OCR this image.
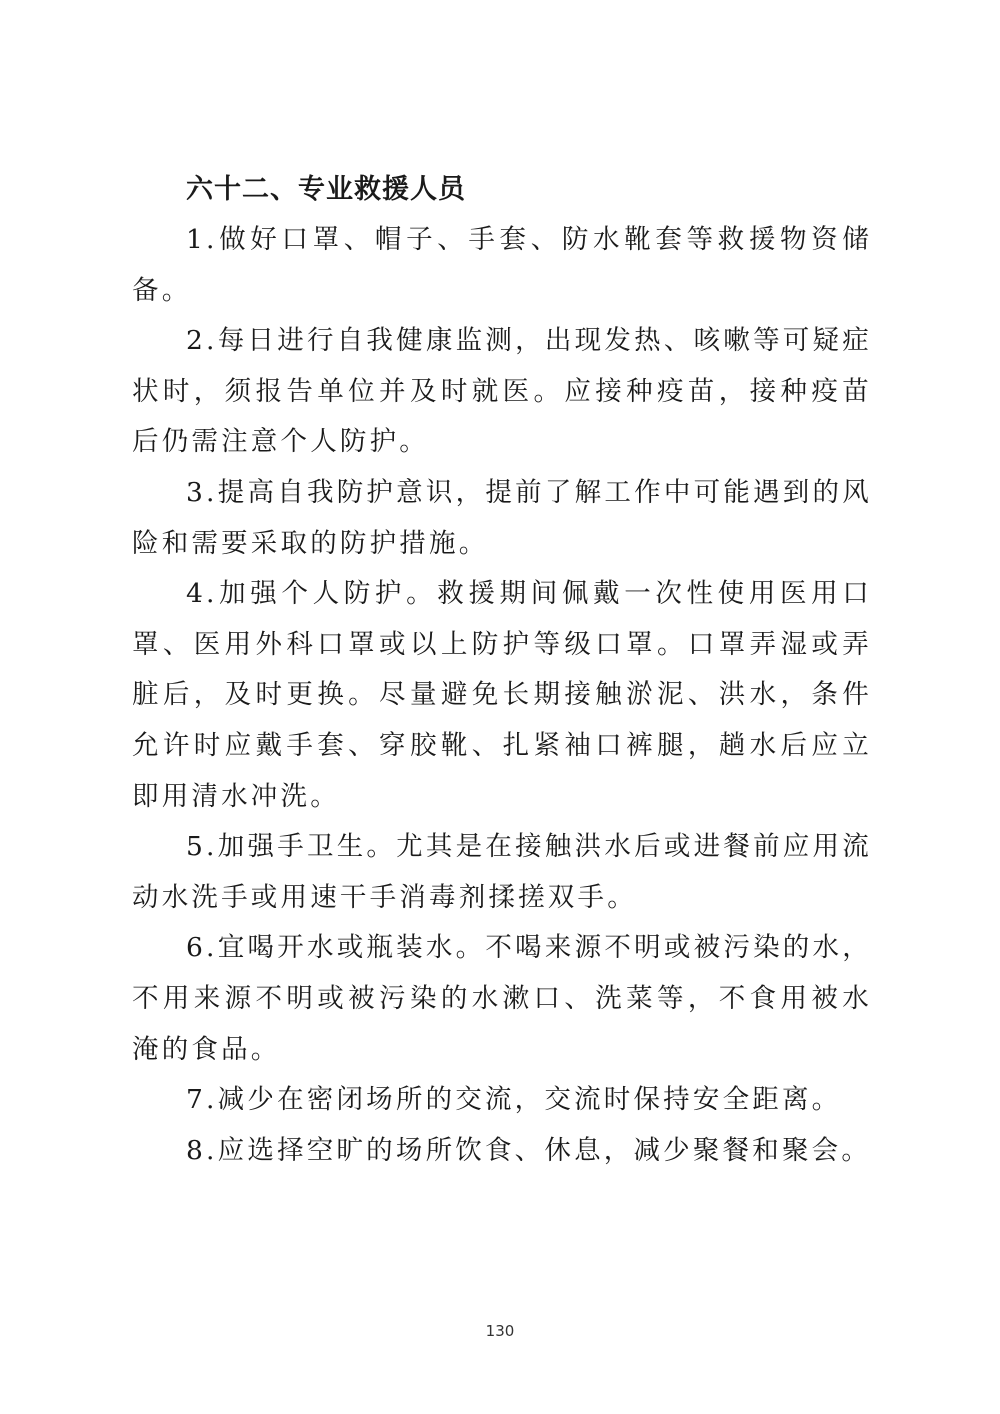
六十二、专业救援人员

1.做好口罩、帽子、手套、防水靴套等救援物资储备。

2.每日进行自我健康监测，出现发热、咳嗽等可疑症状时，须报告单位并及时就医。应接种疫苗，接种疫苗后仍需注意个人防护。

3.提高自我防护意识，提前了解工作中可能遇到的风险和需要采取的防护措施。

4.加强个人防护。救援期间佩戴一次性使用医用口罩、医用外科口罩或以上防护等级口罩。口罩弄湿或弄脏后，及时更换。尽量避免长期接触淤泥、洪水，条件允许时应戴手套、穿胶靴、扎紧袖口裤腿，趟水后应立即用清水冲洗。

5.加强手卫生。尤其是在接触洪水后或进餐前应用流动水洗手或用速干手消毒剂揉搓双手。

6.宜喝开水或瓶装水。不喝来源不明或被污染的水，不用来源不明或被污染的水漱口、洗菜等，不食用被水淹的食品。

7.减少在密闭场所的交流，交流时保持安全距离。

8.应选择空旷的场所饮食、休息，减少聚餐和聚会。

130
